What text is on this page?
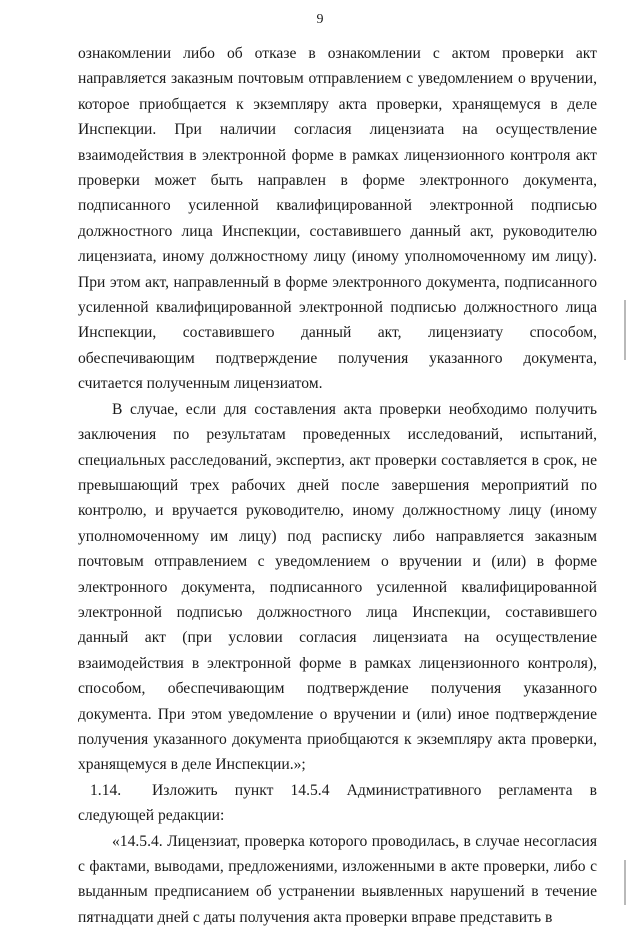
9

ознакомлении либо об отказе в ознакомлении с актом проверки акт направляется заказным почтовым отправлением с уведомлением о вручении, которое приобщается к экземпляру акта проверки, хранящемуся в деле Инспекции. При наличии согласия лицензиата на осуществление взаимодействия в электронной форме в рамках лицензионного контроля акт проверки может быть направлен в форме электронного документа, подписанного усиленной квалифицированной электронной подписью должностного лица Инспекции, составившего данный акт, руководителю лицензиата, иному должностному лицу (иному уполномоченному им лицу). При этом акт, направленный в форме электронного документа, подписанного усиленной квалифицированной электронной подписью должностного лица Инспекции, составившего данный акт, лицензиату способом, обеспечивающим подтверждение получения указанного документа, считается полученным лицензиатом.

В случае, если для составления акта проверки необходимо получить заключения по результатам проведенных исследований, испытаний, специальных расследований, экспертиз, акт проверки составляется в срок, не превышающий трех рабочих дней после завершения мероприятий по контролю, и вручается руководителю, иному должностному лицу (иному уполномоченному им лицу) под расписку либо направляется заказным почтовым отправлением с уведомлением о вручении и (или) в форме электронного документа, подписанного усиленной квалифицированной электронной подписью должностного лица Инспекции, составившего данный акт (при условии согласия лицензиата на осуществление взаимодействия в электронной форме в рамках лицензионного контроля), способом, обеспечивающим подтверждение получения указанного документа. При этом уведомление о вручении и (или) иное подтверждение получения указанного документа приобщаются к экземпляру акта проверки, хранящемуся в деле Инспекции.»;

1.14. Изложить пункт 14.5.4 Административного регламента в следующей редакции:

«14.5.4. Лицензиат, проверка которого проводилась, в случае несогласия с фактами, выводами, предложениями, изложенными в акте проверки, либо с выданным предписанием об устранении выявленных нарушений в течение пятнадцати дней с даты получения акта проверки вправе представить в
